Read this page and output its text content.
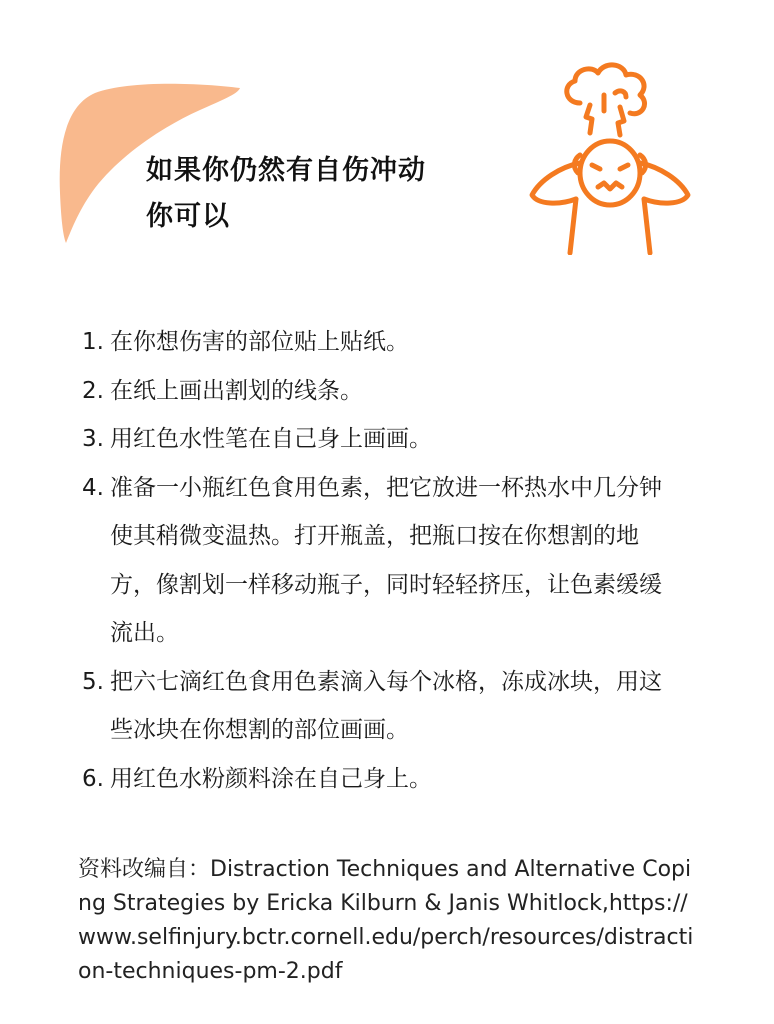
如果你仍然有自伤冲动
你可以
1. 在你想伤害的部位贴上贴纸。
2. 在纸上画出割划的线条。
3. 用红色水性笔在自己身上画画。
4. 准备一小瓶红色食用色素，把它放进一杯热水中几分钟使其稍微变温热。打开瓶盖，把瓶口按在你想割的地方，像割划一样移动瓶子，同时轻轻挤压，让色素缓缓流出。
5. 把六七滴红色食用色素滴入每个冰格，冻成冰块，用这些冰块在你想割的部位画画。
6. 用红色水粉颜料涂在自己身上。

资料改编自：Distraction Techniques and Alternative Coping Strategies by Ericka Kilburn & Janis Whitlock,https://www.selfinjury.bctr.cornell.edu/perch/resources/distraction-techniques-pm-2.pdf
